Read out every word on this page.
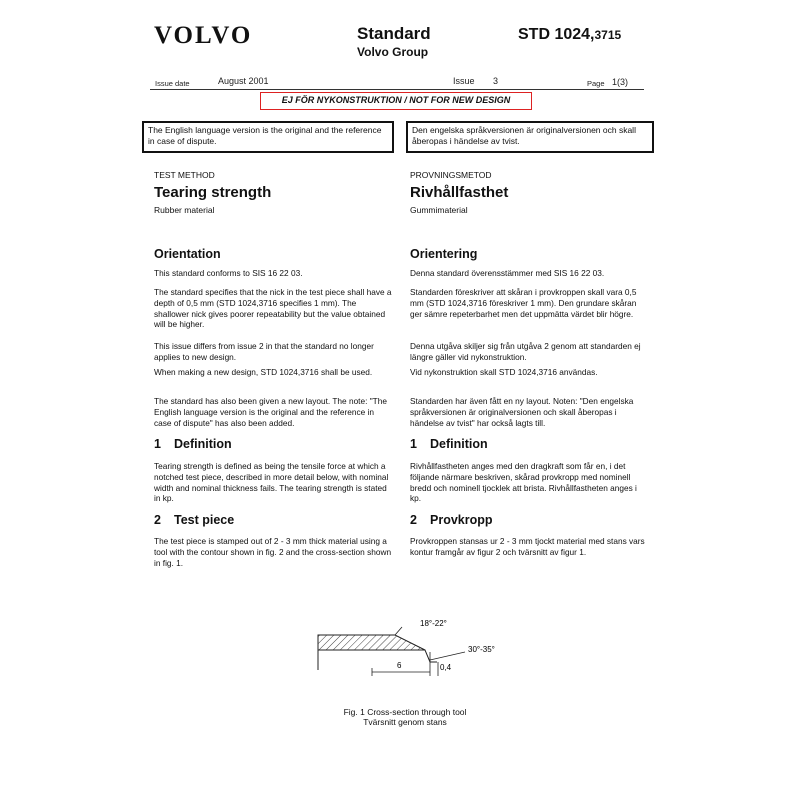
VOLVO	Standard
Volvo Group
STD 1024,3715
Issue date	August 2001	Issue 3	Page 1(3)
EJ FÖR NYKONSTRUKTION / NOT FOR NEW DESIGN
The English language version is the original and the reference in case of dispute.
Den engelska språkversionen är originalversionen och skall åberopas i händelse av tvist.
TEST METHOD
Tearing strength
Rubber material
Orientation
This standard conforms to SIS 16 22 03.
The standard specifies that the nick in the test piece shall have a depth of 0,5 mm (STD 1024,3716 specifies 1 mm). The shallower nick gives poorer repeatability but the value obtained will be higher.
This issue differs from issue 2 in that the standard no longer applies to new design.
When making a new design, STD 1024,3716 shall be used.
The standard has also been given a new layout. The note: "The English language version is the original and the reference in case of dispute" has also been added.
1 Definition
Tearing strength is defined as being the tensile force at which a notched test piece, described in more detail below, with nominal width and nominal thickness fails. The tearing strength is stated in kp.
2 Test piece
The test piece is stamped out of 2 - 3 mm thick material using a tool with the contour shown in fig. 2 and the cross-section shown in fig. 1.
PROVNINGSMETOD
Rivhållfasthet
Gummimaterial
Orientering
Denna standard överensstämmer med SIS 16 22 03.
Standarden föreskriver att skåran i provkroppen skall vara 0,5 mm (STD 1024,3716 föreskriver 1 mm). Den grundare skåran ger sämre repeterbarhet men det uppmätta värdet blir högre.
Denna utgåva skiljer sig från utgåva 2 genom att standarden ej längre gäller vid nykonstruktion.
Vid nykonstruktion skall STD 1024,3716 användas.
Standarden har även fått en ny layout. Noten: "Den engelska språkversionen är originalversionen och skall åberopas i händelse av tvist" har också lagts till.
1 Definition
Rivhållfastheten anges med den dragkraft som får en, i det följande närmare beskriven, skårad provkropp med nominell bredd och nominell tjocklek att brista. Rivhållfastheten anges i kp.
2 Provkropp
Provkroppen stansas ur 2 - 3 mm tjockt material med stans vars kontur framgår av figur 2 och tvärsnitt av figur 1.
18°-22°
30°-35°
6	0,4
Fig. 1 Cross-section through tool
Tvärsnitt genom stans
